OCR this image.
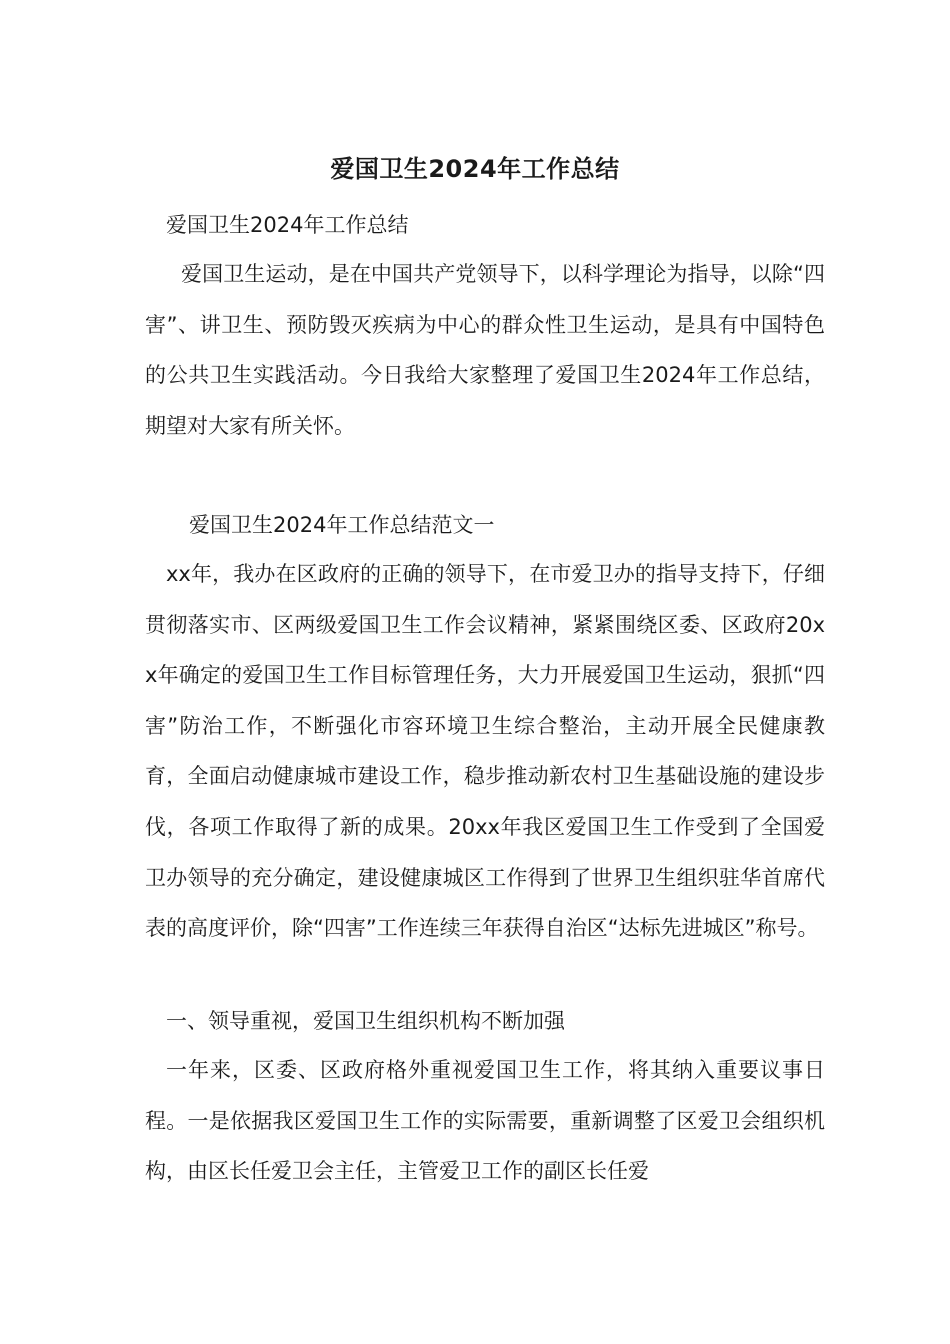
爱国卫生2024年工作总结

爱国卫生2024年工作总结

爱国卫生运动，是在中国共产党领导下，以科学理论为指导，以除“四害”、讲卫生、预防毁灭疾病为中心的群众性卫生运动，是具有中国特色的公共卫生实践活动。今日我给大家整理了爱国卫生2024年工作总结，期望对大家有所关怀。

爱国卫生2024年工作总结范文一

xx年，我办在区政府的正确的领导下，在市爱卫办的指导支持下，仔细贯彻落实市、区两级爱国卫生工作会议精神，紧紧围绕区委、区政府20xx年确定的爱国卫生工作目标管理任务，大力开展爱国卫生运动，狠抓“四害”防治工作，不断强化市容环境卫生综合整治，主动开展全民健康教育，全面启动健康城市建设工作，稳步推动新农村卫生基础设施的建设步伐，各项工作取得了新的成果。20xx年我区爱国卫生工作受到了全国爱卫办领导的充分确定，建设健康城区工作得到了世界卫生组织驻华首席代表的高度评价，除“四害”工作连续三年获得自治区“达标先进城区”称号。

一、领导重视，爱国卫生组织机构不断加强

一年来，区委、区政府格外重视爱国卫生工作，将其纳入重要议事日程。一是依据我区爱国卫生工作的实际需要，重新调整了区爱卫会组织机构，由区长任爱卫会主任，主管爱卫工作的副区长任爱
